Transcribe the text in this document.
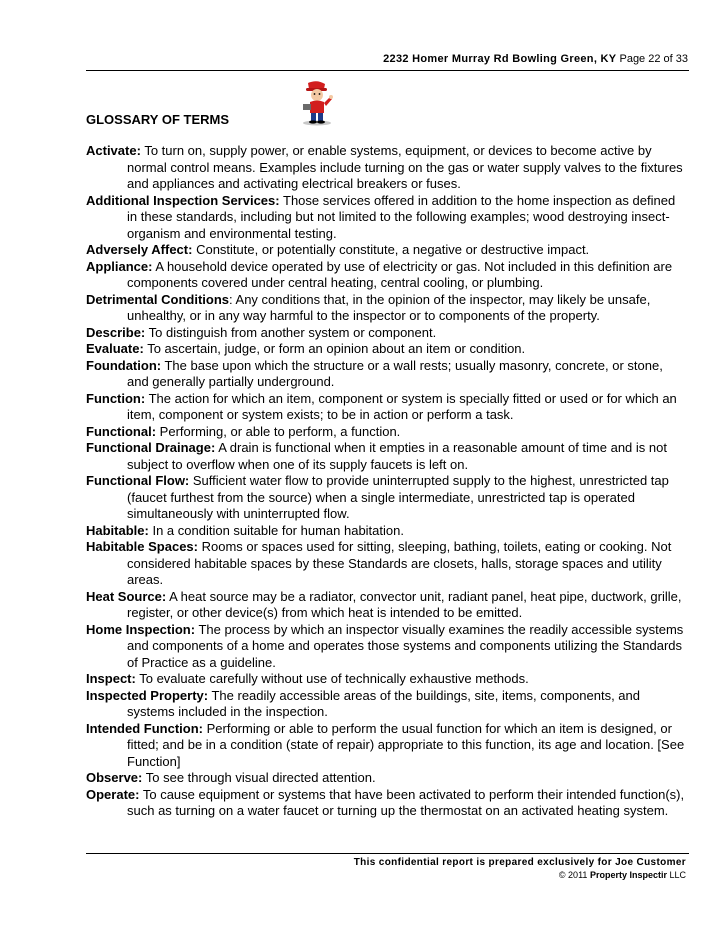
2232 Homer Murray Rd Bowling Green, KY Page 22 of 33
GLOSSARY OF TERMS

Activate: To turn on, supply power, or enable systems, equipment, or devices to become active by normal control means. Examples include turning on the gas or water supply valves to the fixtures and appliances and activating electrical breakers or fuses.

Additional Inspection Services: Those services offered in addition to the home inspection as defined in these standards, including but not limited to the following examples; wood destroying insect-organism and environmental testing.

Adversely Affect: Constitute, or potentially constitute, a negative or destructive impact.

Appliance: A household device operated by use of electricity or gas. Not included in this definition are components covered under central heating, central cooling, or plumbing.

Detrimental Conditions: Any conditions that, in the opinion of the inspector, may likely be unsafe, unhealthy, or in any way harmful to the inspector or to components of the property.

Describe: To distinguish from another system or component.

Evaluate: To ascertain, judge, or form an opinion about an item or condition.

Foundation: The base upon which the structure or a wall rests; usually masonry, concrete, or stone, and generally partially underground.

Function: The action for which an item, component or system is specially fitted or used or for which an item, component or system exists; to be in action or perform a task.

Functional: Performing, or able to perform, a function.

Functional Drainage: A drain is functional when it empties in a reasonable amount of time and is not subject to overflow when one of its supply faucets is left on.

Functional Flow: Sufficient water flow to provide uninterrupted supply to the highest, unrestricted tap (faucet furthest from the source) when a single intermediate, unrestricted tap is operated simultaneously with uninterrupted flow.

Habitable: In a condition suitable for human habitation.

Habitable Spaces: Rooms or spaces used for sitting, sleeping, bathing, toilets, eating or cooking. Not considered habitable spaces by these Standards are closets, halls, storage spaces and utility areas.

Heat Source: A heat source may be a radiator, convector unit, radiant panel, heat pipe, ductwork, grille, register, or other device(s) from which heat is intended to be emitted.

Home Inspection: The process by which an inspector visually examines the readily accessible systems and components of a home and operates those systems and components utilizing the Standards of Practice as a guideline.

Inspect: To evaluate carefully without use of technically exhaustive methods.

Inspected Property: The readily accessible areas of the buildings, site, items, components, and systems included in the inspection.

Intended Function: Performing or able to perform the usual function for which an item is designed, or fitted; and be in a condition (state of repair) appropriate to this function, its age and location. [See Function]

Observe: To see through visual directed attention.

Operate: To cause equipment or systems that have been activated to perform their intended function(s), such as turning on a water faucet or turning up the thermostat on an activated heating system.

This confidential report is prepared exclusively for Joe Customer
© 2011 Property Inspectir LLC
